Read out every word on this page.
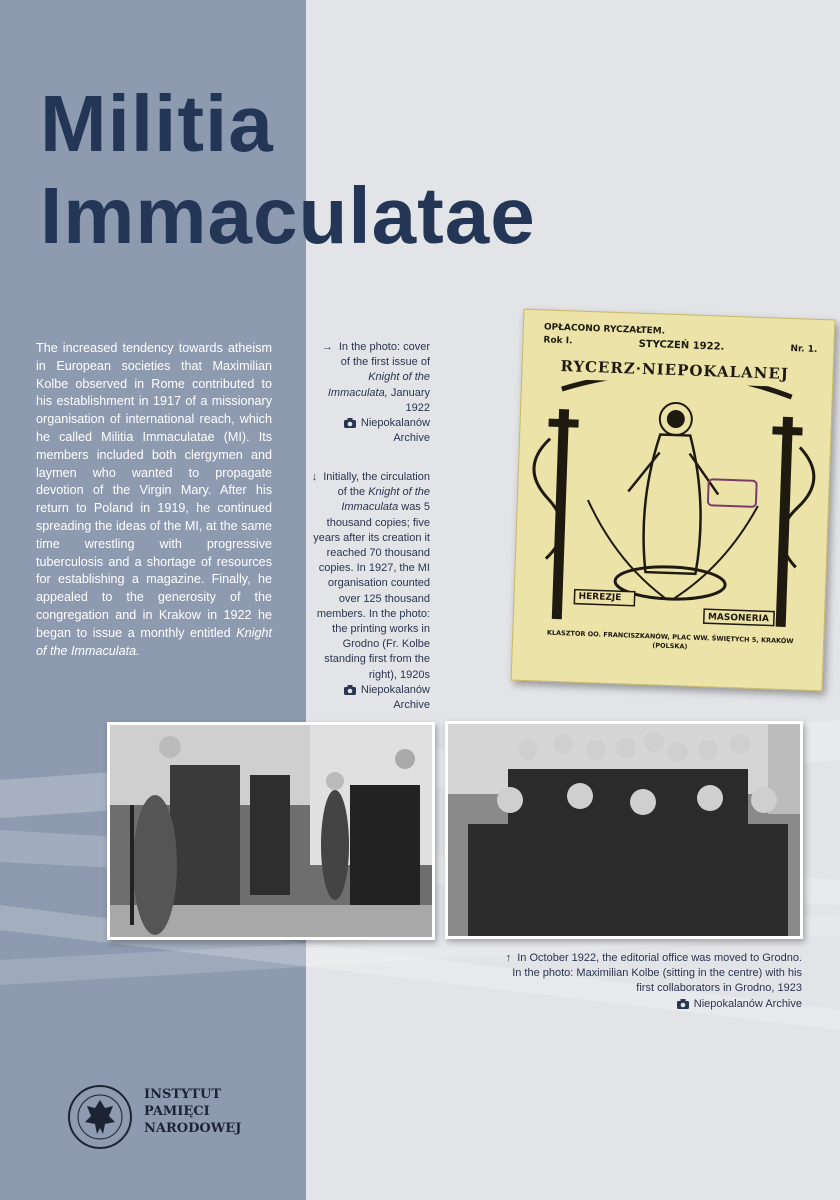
Militia
Immaculatae
The increased tendency towards atheism in European societies that Maximilian Kolbe observed in Rome contributed to his establishment in 1917 of a missionary organisation of international reach, which he called Militia Immaculatae (MI). Its members included both clergymen and laymen who wanted to propagate devotion of the Virgin Mary. After his return to Poland in 1919, he continued spreading the ideas of the MI, at the same time wrestling with progressive tuberculosis and a shortage of resources for establishing a magazine. Finally, he appealed to the generosity of the congregation and in Krakow in 1922 he began to issue a monthly entitled Knight of the Immaculata.
→ In the photo: cover of the first issue of Knight of the Immaculata, January 1922
Niepokalanów Archive
↓ Initially, the circulation of the Knight of the Immaculata was 5 thousand copies; five years after its creation it reached 70 thousand copies. In 1927, the MI organisation counted over 125 thousand members. In the photo: the printing works in Grodno (Fr. Kolbe standing first from the right), 1920s
Niepokalanów Archive
OPŁACONO RYCZAŁTEM.
Rok I.	STYCZEŃ 1922.	Nr. 1.
RYCERZ·NIEPOKALANEJ
HEREZJE
MASONERIA
KLASZTOR OO. FRANCISZKANÓW, PLAC WW. ŚWIĘTYCH 5, KRAKÓW (POLSKA)
↑ In October 1922, the editorial office was moved to Grodno. In the photo: Maximilian Kolbe (sitting in the centre) with his first collaborators in Grodno, 1923
Niepokalanów Archive
INSTYTUT
PAMIĘCI
NARODOWEJ
